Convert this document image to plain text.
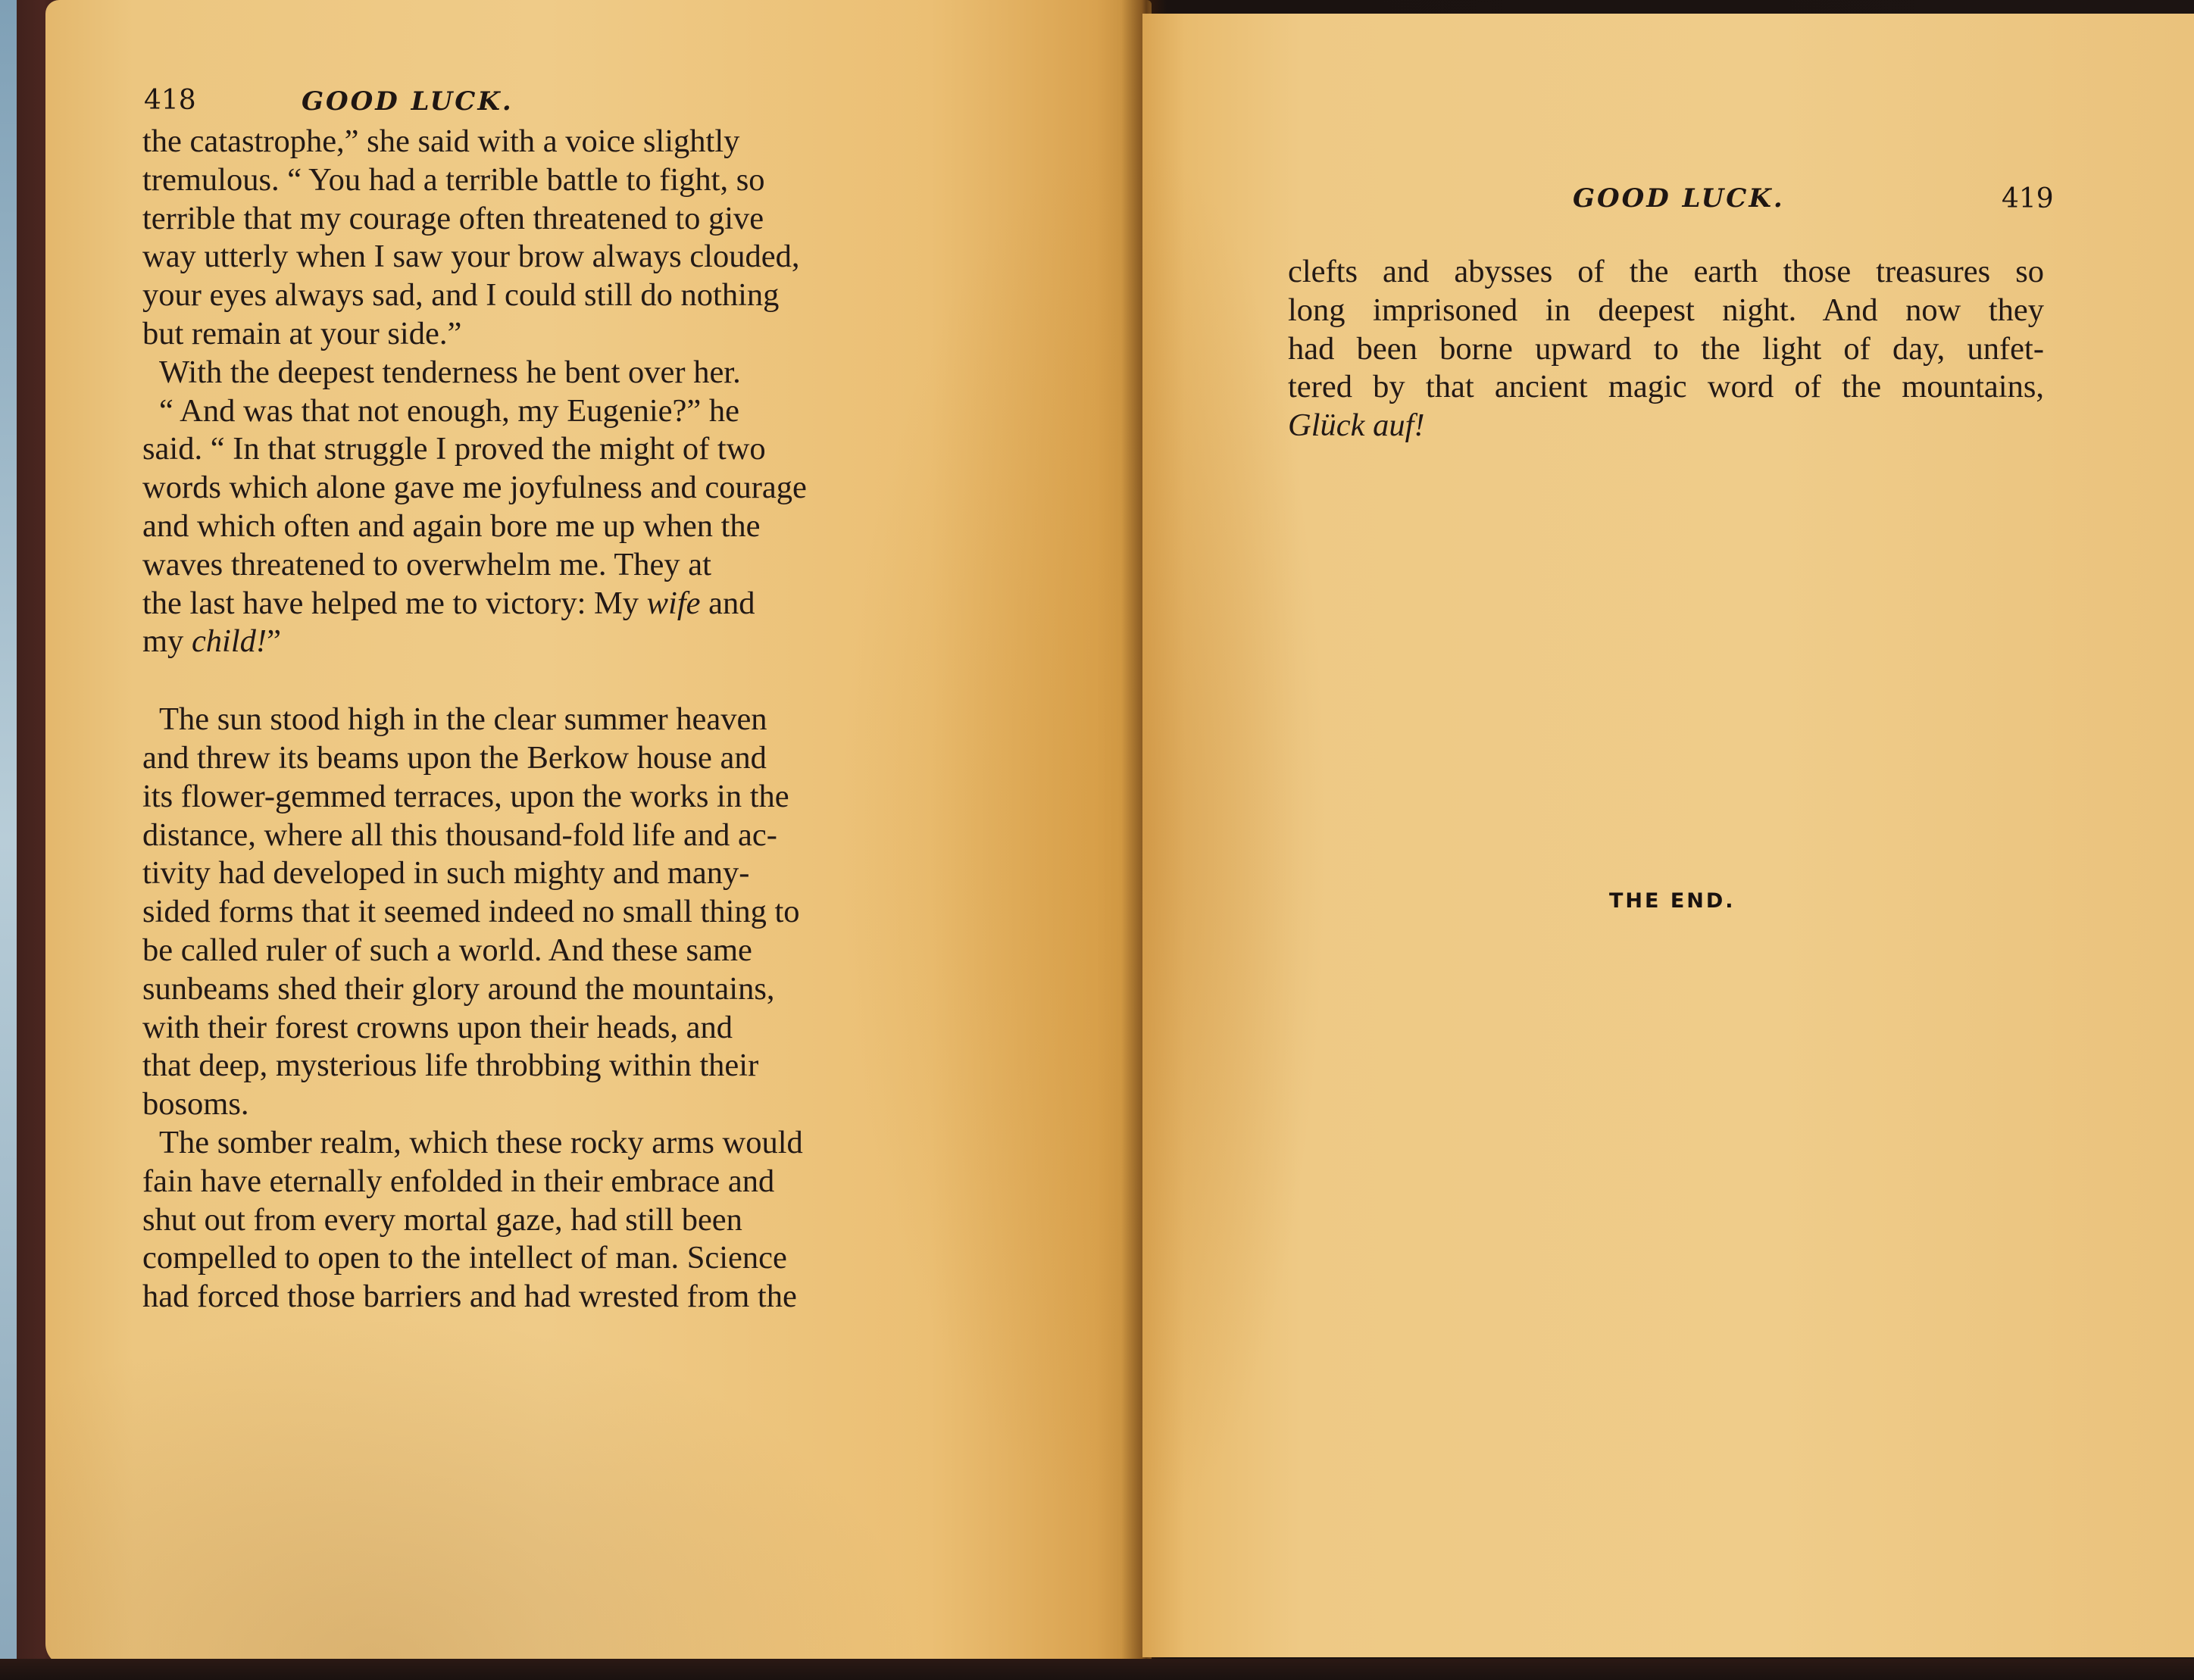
418	GOOD LUCK.

the catastrophe,” she said with a voice slightly
tremulous. “ You had a terrible battle to fight, so
terrible that my courage often threatened to give
way utterly when I saw your brow always clouded,
your eyes always sad, and I could still do nothing
but remain at your side.”

With the deepest tenderness he bent over her.

“ And was that not enough, my Eugenie?” he
said. “ In that struggle I proved the might of two
words which alone gave me joyfulness and courage
and which often and again bore me up when the
waves threatened to overwhelm me. They at
the last have helped me to victory: My wife and
my child!”

The sun stood high in the clear summer heaven
and threw its beams upon the Berkow house and
its flower-gemmed terraces, upon the works in the
distance, where all this thousand-fold life and ac-
tivity had developed in such mighty and many-
sided forms that it seemed indeed no small thing to
be called ruler of such a world. And these same
sunbeams shed their glory around the mountains,
with their forest crowns upon their heads, and
that deep, mysterious life throbbing within their
bosoms.

The somber realm, which these rocky arms would
fain have eternally enfolded in their embrace and
shut out from every mortal gaze, had still been
compelled to open to the intellect of man. Science
had forced those barriers and had wrested from the

GOOD LUCK.	419
clefts and abysses of the earth those treasures so
long imprisoned in deepest night. And now they
had been borne upward to the light of day, unfet-
tered by that ancient magic word of the mountains,
Glück auf!
THE END.
